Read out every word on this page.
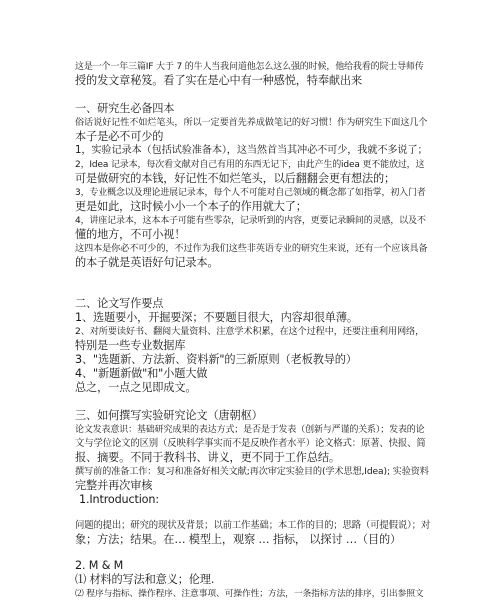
这是一个一年三篇IF 大于 7 的牛人当我问道他怎么这么强的时候，他给我看的院士导师传
授的发文章秘笈。看了实在是心中有一种感悦，特奉献出来
一、研究生必备四本
俗话说好记性不如烂笔头，所以一定要首先养成做笔记的好习惯！作为研究生下面这几个
本子是必不可少的
1，实验记录本（包括试验准备本），这当然首当其冲必不可少，我就不多说了；
2，Idea 记录本，每次看文献对自己有用的东西无记下，由此产生的idea 更不能放过，这
可是做研究的本钱，好记性不如烂笔头，以后翻翻会更有想法的；
3，专业概念以及理论进展记录本，每个人不可能对自己领域的概念都了如指掌，初入门者
更是如此，这时候小小一个本子的作用就大了；
4，讲座记录本，这本本子可能有些零杂，记录听到的内容，更要记录瞬间的灵感，以及不
懂的地方，不可小视！
这四本是你必不可少的，不过作为我们这些非英语专业的研究生来说，还有一个应该具备
的本子就是英语好句记录本。
二、论文写作要点
1、选题要小，开掘要深；不要题目很大，内容却很单薄。
2、对所要读好书、翻阅大量资料、注意学术积累，在这个过程中，还要注重利用网络，
特别是一些专业数据库
3、"选题新、方法新、资料新"的三新原则（老板教导的）
4、"新题新做"和"小题大做
总之，一点之见即成文。
三、如何撰写实验研究论文（唐朝枢）
论文发表意识：基础研究成果的表达方式；是否是于发表（创新与严谨的关系）；发表的论
文与学位论文的区别（反映科学事实而不是反映作者水平）论文格式：原著、快报、简
报、摘要。不同于教科书、讲义，更不同于工作总结。
撰写前的准备工作：复习和准备好相关文献;再次审定实验目的(学术思想,Idea); 实验资料
完整并再次审核
1.Introduction:
问题的提出；研究的现状及背景；以前工作基础；本工作的目的；思路（可提假说）；对
象；方法；结果。在… 模型上，观察 … 指标， 以探讨 …（目的）
2. M & M
⑴ 材料的写法和意义；伦理.
⑵ 程序与指标、操作程序、注意事项、可操作性；方法，一条指标方法的排序，引出参照文
